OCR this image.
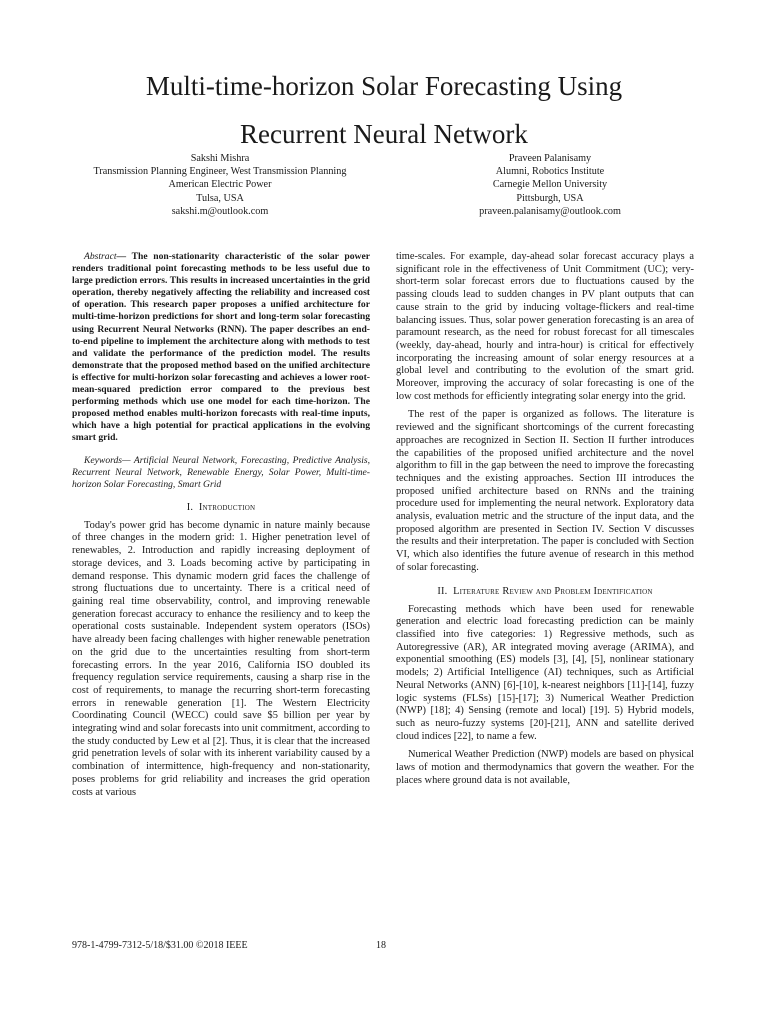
Multi-time-horizon Solar Forecasting Using
Recurrent Neural Network
Sakshi Mishra
Transmission Planning Engineer, West Transmission Planning
American Electric Power
Tulsa, USA
sakshi.m@outlook.com
Praveen Palanisamy
Alumni, Robotics Institute
Carnegie Mellon University
Pittsburgh, USA
praveen.palanisamy@outlook.com

Abstract— The non-stationarity characteristic of the solar power renders traditional point forecasting methods to be less useful due to large prediction errors. This results in increased uncertainties in the grid operation, thereby negatively affecting the reliability and increased cost of operation. This research paper proposes a unified architecture for multi-time-horizon predictions for short and long-term solar forecasting using Recurrent Neural Networks (RNN). The paper describes an end-to-end pipeline to implement the architecture along with methods to test and validate the performance of the prediction model. The results demonstrate that the proposed method based on the unified architecture is effective for multi-horizon solar forecasting and achieves a lower root-mean-squared prediction error compared to the previous best performing methods which use one model for each time-horizon. The proposed method enables multi-horizon forecasts with real-time inputs, which have a high potential for practical applications in the evolving smart grid.

Keywords— Artificial Neural Network, Forecasting, Predictive Analysis, Recurrent Neural Network, Renewable Energy, Solar Power, Multi-time-horizon Solar Forecasting, Smart Grid

I. Introduction

Today's power grid has become dynamic in nature mainly because of three changes in the modern grid: 1. Higher penetration level of renewables, 2. Introduction and rapidly increasing deployment of storage devices, and 3. Loads becoming active by participating in demand response. This dynamic modern grid faces the challenge of strong fluctuations due to uncertainty. There is a critical need of gaining real time observability, control, and improving renewable generation forecast accuracy to enhance the resiliency and to keep the operational costs sustainable. Independent system operators (ISOs) have already been facing challenges with higher renewable penetration on the grid due to the uncertainties resulting from short-term forecasting errors. In the year 2016, California ISO doubled its frequency regulation service requirements, causing a sharp rise in the cost of requirements, to manage the recurring short-term forecasting errors in renewable generation [1]. The Western Electricity Coordinating Council (WECC) could save $5 billion per year by integrating wind and solar forecasts into unit commitment, according to the study conducted by Lew et al [2]. Thus, it is clear that the increased grid penetration levels of solar with its inherent variability caused by a combination of intermittence, high-frequency and non-stationarity, poses problems for grid reliability and increases the grid operation costs at various

time-scales. For example, day-ahead solar forecast accuracy plays a significant role in the effectiveness of Unit Commitment (UC); very-short-term solar forecast errors due to fluctuations caused by the passing clouds lead to sudden changes in PV plant outputs that can cause strain to the grid by inducing voltage-flickers and real-time balancing issues. Thus, solar power generation forecasting is an area of paramount research, as the need for robust forecast for all timescales (weekly, day-ahead, hourly and intra-hour) is critical for effectively incorporating the increasing amount of solar energy resources at a global level and contributing to the evolution of the smart grid. Moreover, improving the accuracy of solar forecasting is one of the low cost methods for efficiently integrating solar energy into the grid.

The rest of the paper is organized as follows. The literature is reviewed and the significant shortcomings of the current forecasting approaches are recognized in Section II. Section II further introduces the capabilities of the proposed unified architecture and the novel algorithm to fill in the gap between the need to improve the forecasting techniques and the existing approaches. Section III introduces the proposed unified architecture based on RNNs and the training procedure used for implementing the neural network. Exploratory data analysis, evaluation metric and the structure of the input data, and the proposed algorithm are presented in Section IV. Section V discusses the results and their interpretation. The paper is concluded with Section VI, which also identifies the future avenue of research in this method of solar forecasting.

II. Literature Review and Problem Identification

Forecasting methods which have been used for renewable generation and electric load forecasting prediction can be mainly classified into five categories: 1) Regressive methods, such as Autoregressive (AR), AR integrated moving average (ARIMA), and exponential smoothing (ES) models [3], [4], [5], nonlinear stationary models; 2) Artificial Intelligence (AI) techniques, such as Artificial Neural Networks (ANN) [6]-[10], k-nearest neighbors [11]-[14], fuzzy logic systems (FLSs) [15]-[17]; 3) Numerical Weather Prediction (NWP) [18]; 4) Sensing (remote and local) [19]. 5) Hybrid models, such as neuro-fuzzy systems [20]-[21], ANN and satellite derived cloud indices [22], to name a few.

Numerical Weather Prediction (NWP) models are based on physical laws of motion and thermodynamics that govern the weather. For the places where ground data is not available,

978-1-4799-7312-5/18/$31.00 ©2018 IEEE	18
